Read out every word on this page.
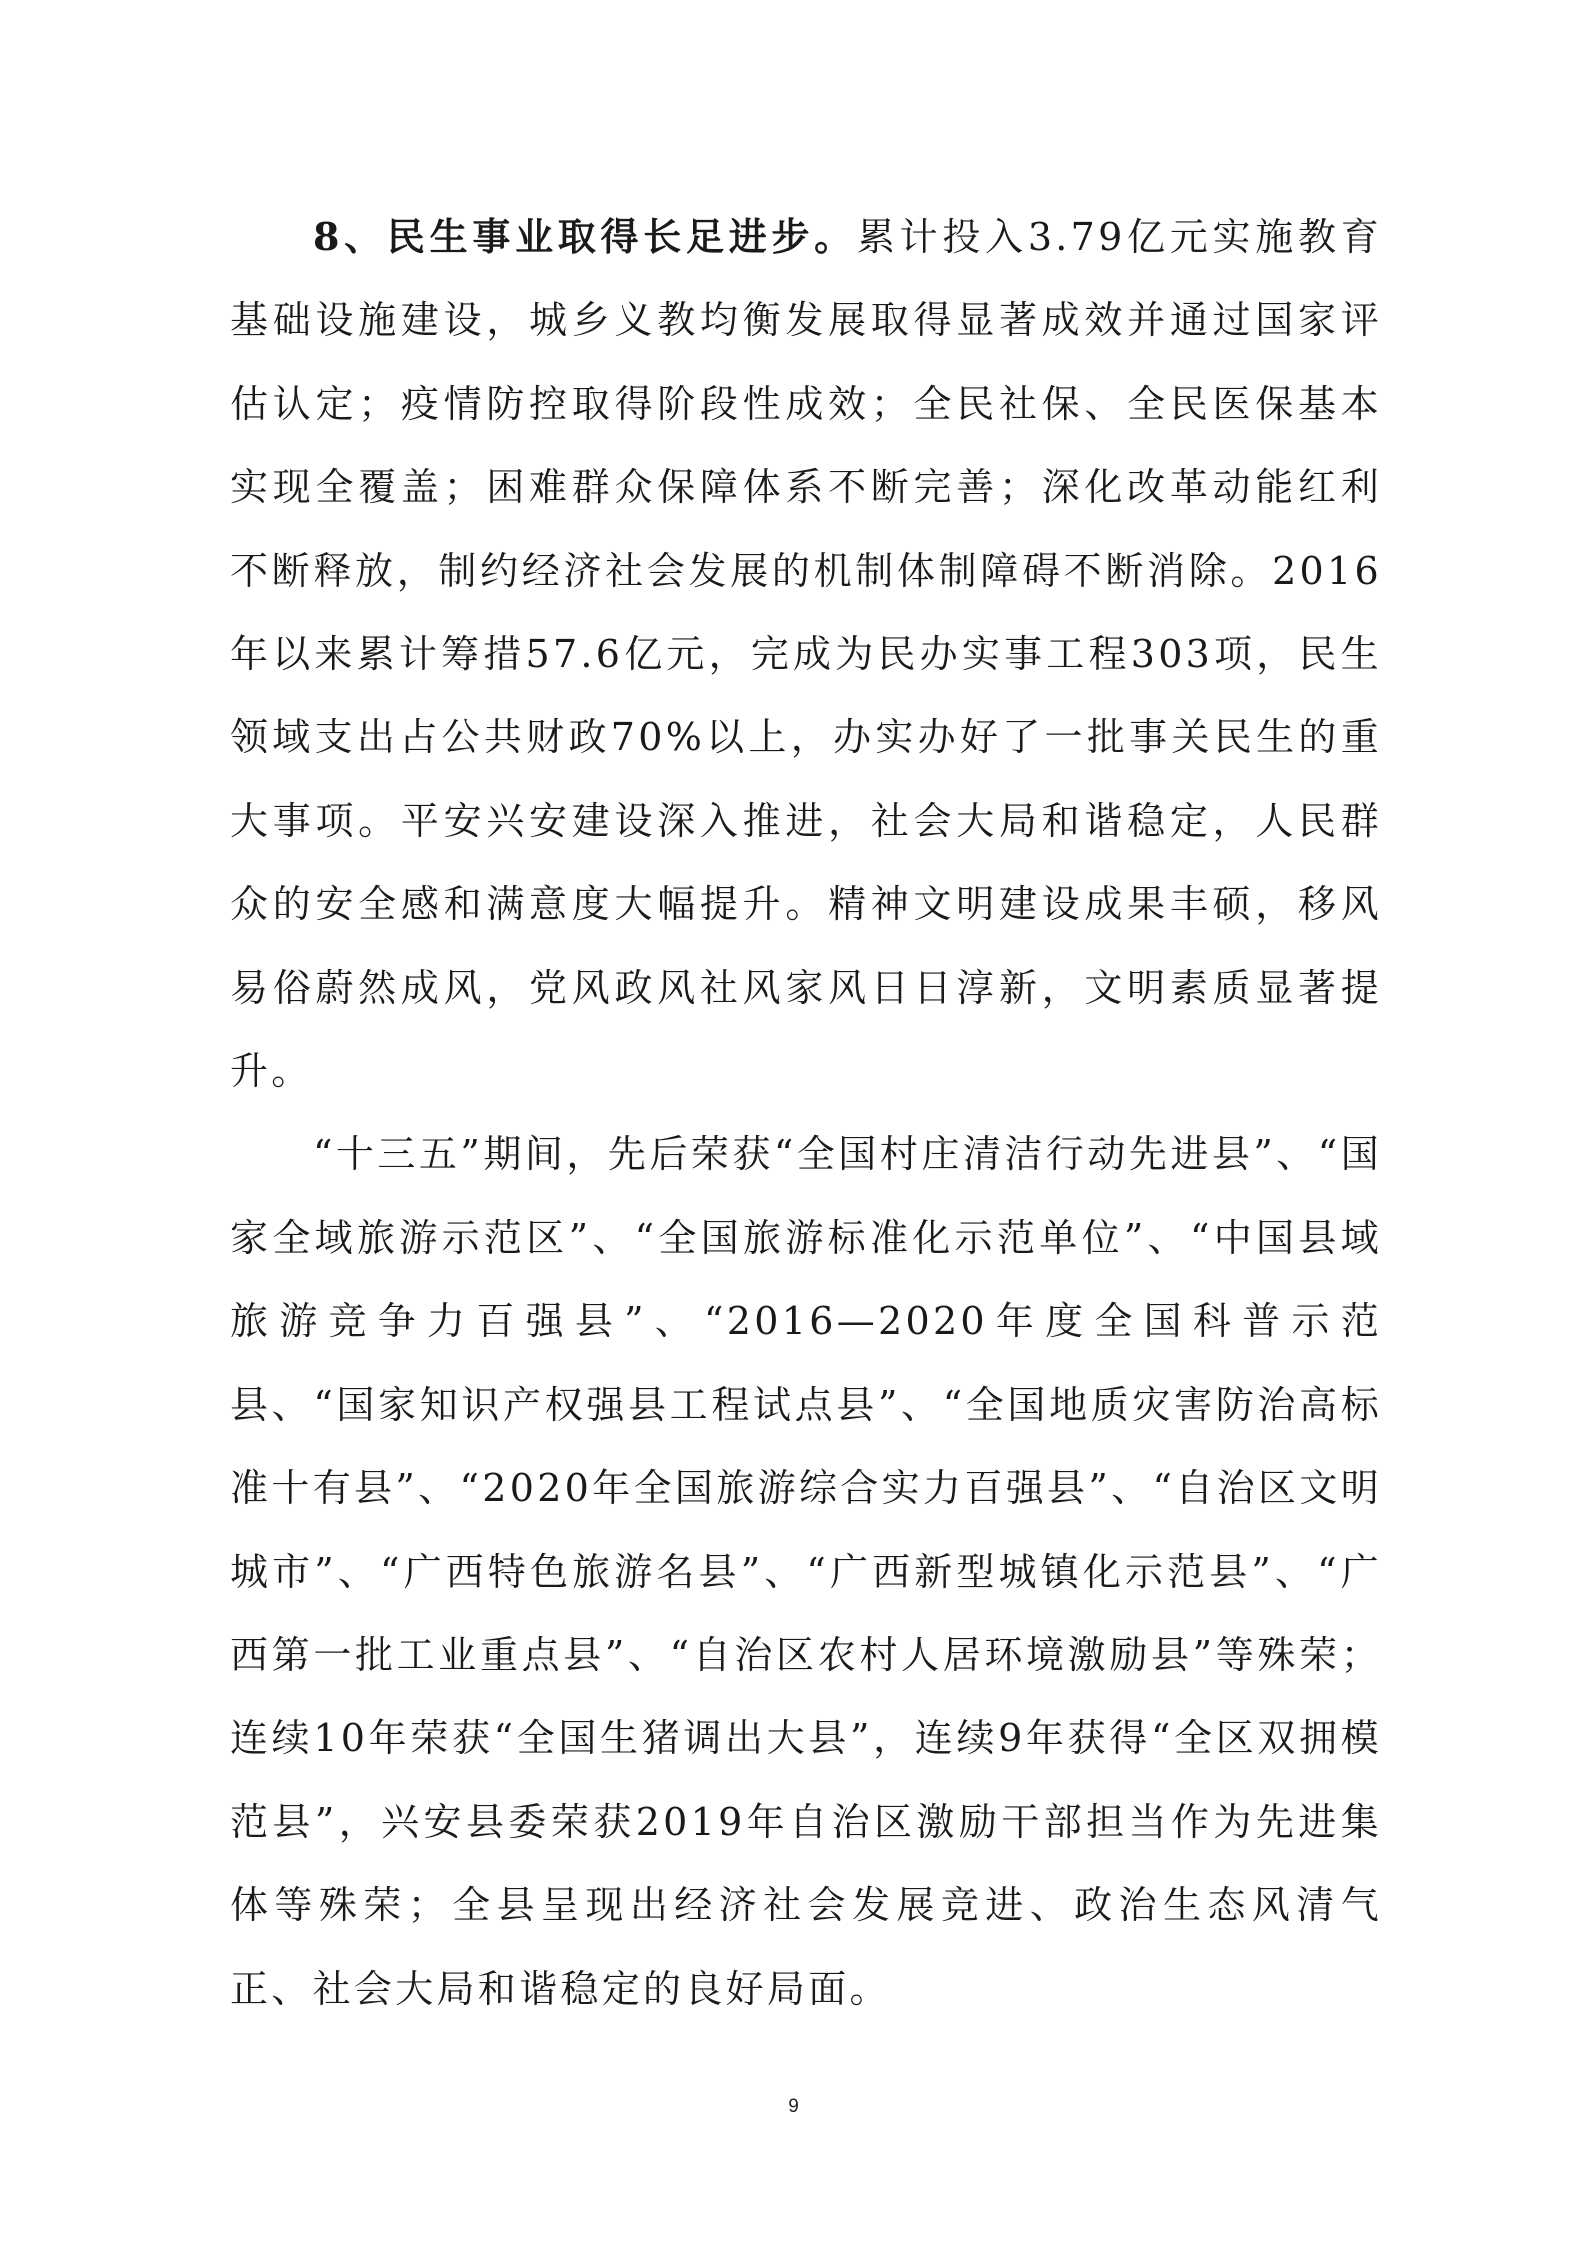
8、民生事业取得长足进步。累计投入3.79亿元实施教育基础设施建设，城乡义教均衡发展取得显著成效并通过国家评估认定；疫情防控取得阶段性成效；全民社保、全民医保基本实现全覆盖；困难群众保障体系不断完善；深化改革动能红利不断释放，制约经济社会发展的机制体制障碍不断消除。2016年以来累计筹措57.6亿元，完成为民办实事工程303项，民生领域支出占公共财政70%以上，办实办好了一批事关民生的重大事项。平安兴安建设深入推进，社会大局和谐稳定，人民群众的安全感和满意度大幅提升。精神文明建设成果丰硕，移风易俗蔚然成风，党风政风社风家风日日淳新，文明素质显著提升。

“十三五”期间，先后荣获“全国村庄清洁行动先进县”、“国家全域旅游示范区”、“全国旅游标准化示范单位”、“中国县域旅游竞争力百强县”、“2016—2020年度全国科普示范县、“国家知识产权强县工程试点县”、“全国地质灾害防治高标准十有县”、“2020年全国旅游综合实力百强县”、“自治区文明城市”、“广西特色旅游名县”、“广西新型城镇化示范县”、“广西第一批工业重点县”、“自治区农村人居环境激励县”等殊荣；连续10年荣获“全国生猪调出大县”，连续9年获得“全区双拥模范县”，兴安县委荣获2019年自治区激励干部担当作为先进集体等殊荣；全县呈现出经济社会发展竞进、政治生态风清气正、社会大局和谐稳定的良好局面。

9
